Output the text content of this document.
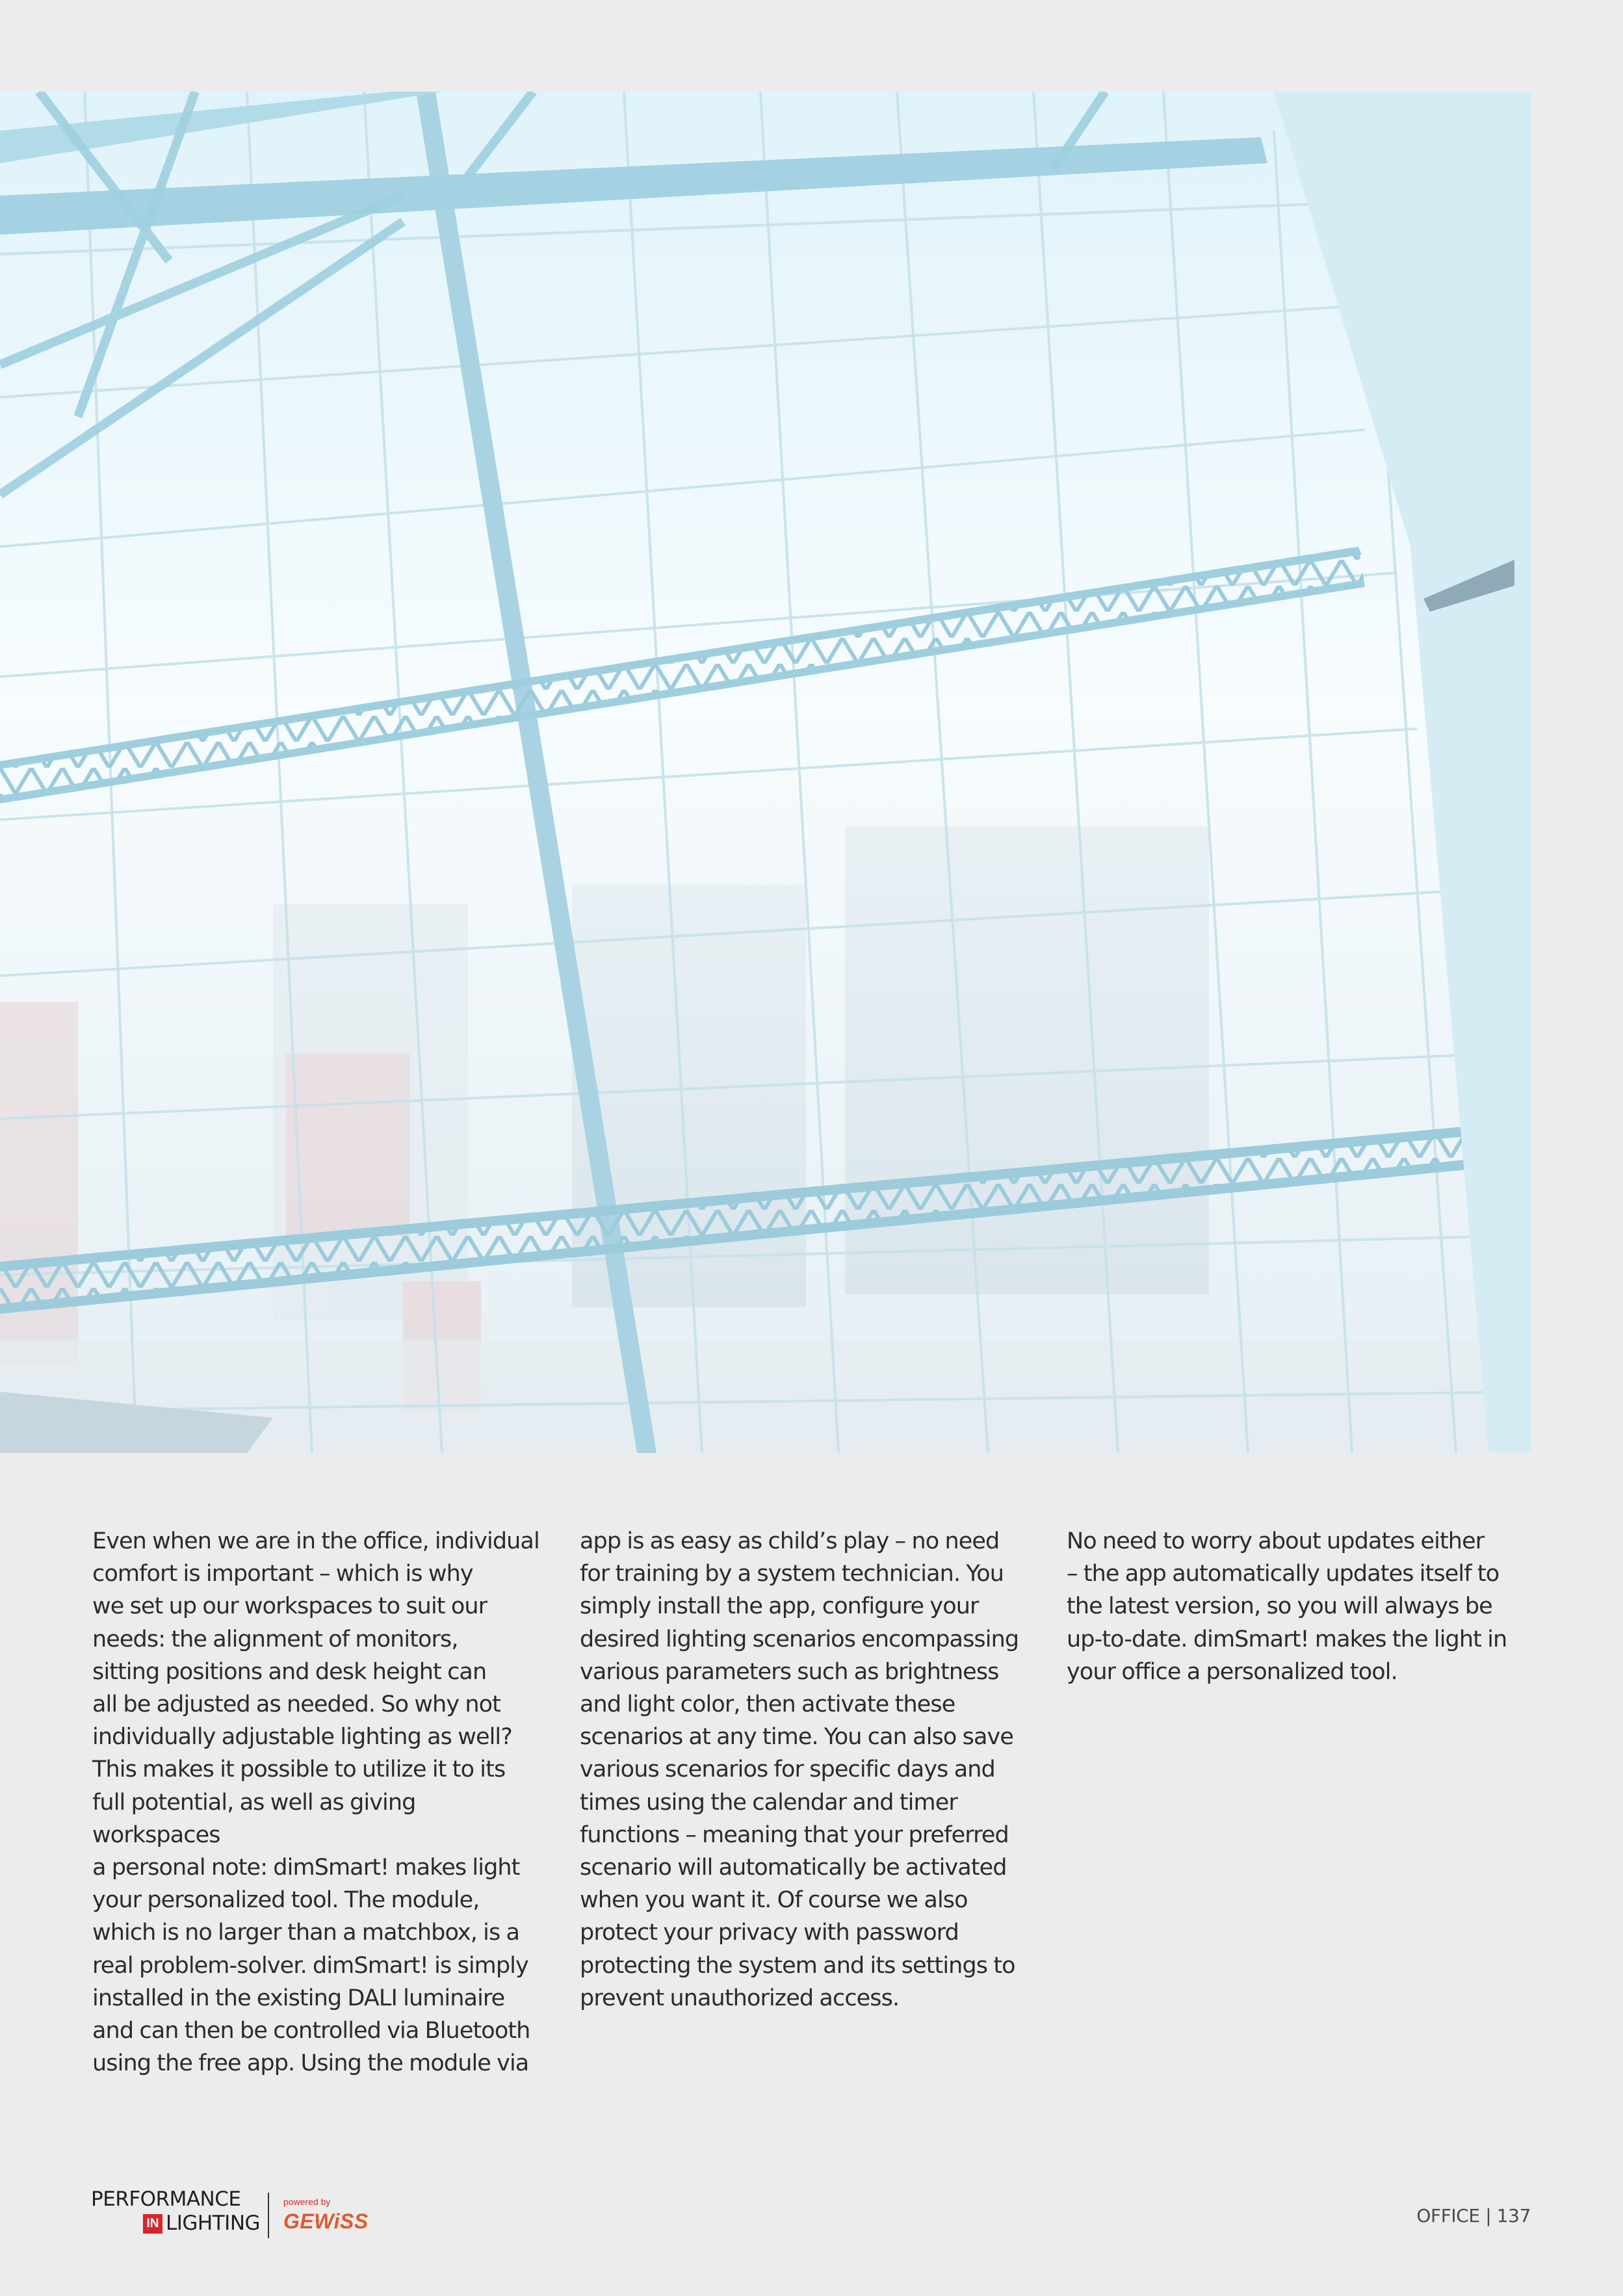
Even when we are in the office, individual
comfort is important – which is why
we set up our workspaces to suit our
needs: the alignment of monitors,
sitting positions and desk height can
all be adjusted as needed. So why not
individually adjustable lighting as well?
This makes it possible to utilize it to its
full potential, as well as giving workspaces
a personal note: dimSmart! makes light
your personalized tool. The module,
which is no larger than a matchbox, is a
real problem-solver. dimSmart! is simply
installed in the existing DALI luminaire
and can then be controlled via Bluetooth
using the free app. Using the module via
app is as easy as child’s play – no need
for training by a system technician. You
simply install the app, configure your
desired lighting scenarios encompassing
various parameters such as brightness
and light color, then activate these
scenarios at any time. You can also save
various scenarios for specific days and
times using the calendar and timer
functions – meaning that your preferred
scenario will automatically be activated
when you want it. Of course we also
protect your privacy with password
protecting the system and its settings to
prevent unauthorized access.
No need to worry about updates either
– the app automatically updates itself to
the latest version, so you will always be
up-to-date. dimSmart! makes the light in
your office a personalized tool.
PERFORMANCE
IN LIGHTING
powered by
GEWiSS	OFFICE | 137
